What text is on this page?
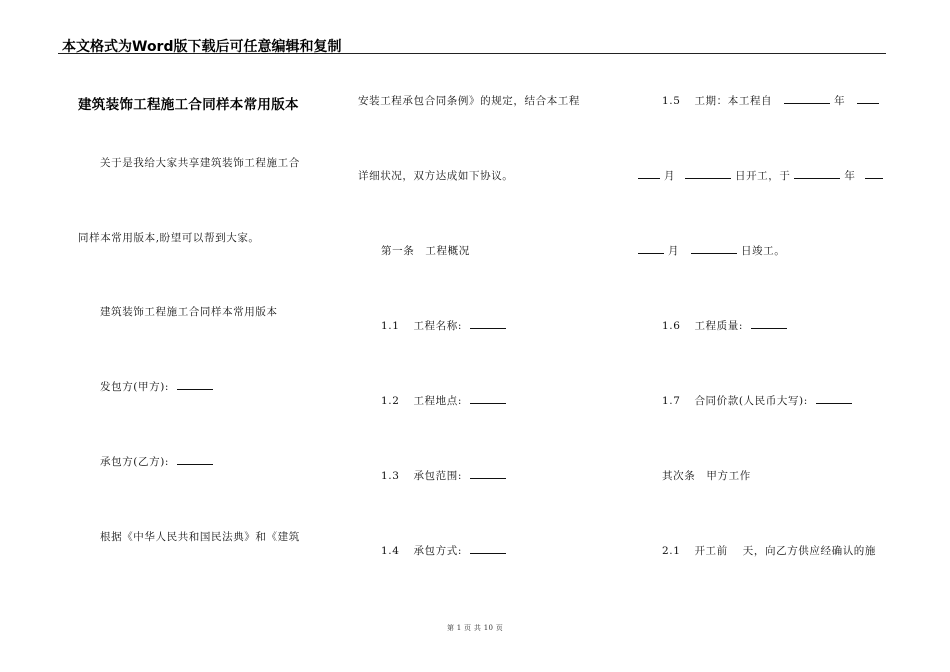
本文格式为Word版下载后可任意编辑和复制
建筑装饰工程施工合同样本常用版本
关于是我给大家共享建筑装饰工程施工合
同样本常用版本,盼望可以帮到大家。
建筑装饰工程施工合同样本常用版本
发包方(甲方):
承包方(乙方):
根据《中华人民共和国民法典》和《建筑
安装工程承包合同条例》的规定，结合本工程
详细状况，双方达成如下协议。
第一条　工程概况
1.1 工程名称:
1.2 工程地点:
1.3 承包范围:
1.4 承包方式:
1.5 工期：本工程自	年
月	日开工，于	年
月	日竣工。
1.6 工程质量:
1.7 合同价款(人民币大写):
其次条　甲方工作
2.1 开工前　 天，向乙方供应经确认的施
第 1 页 共 10 页
